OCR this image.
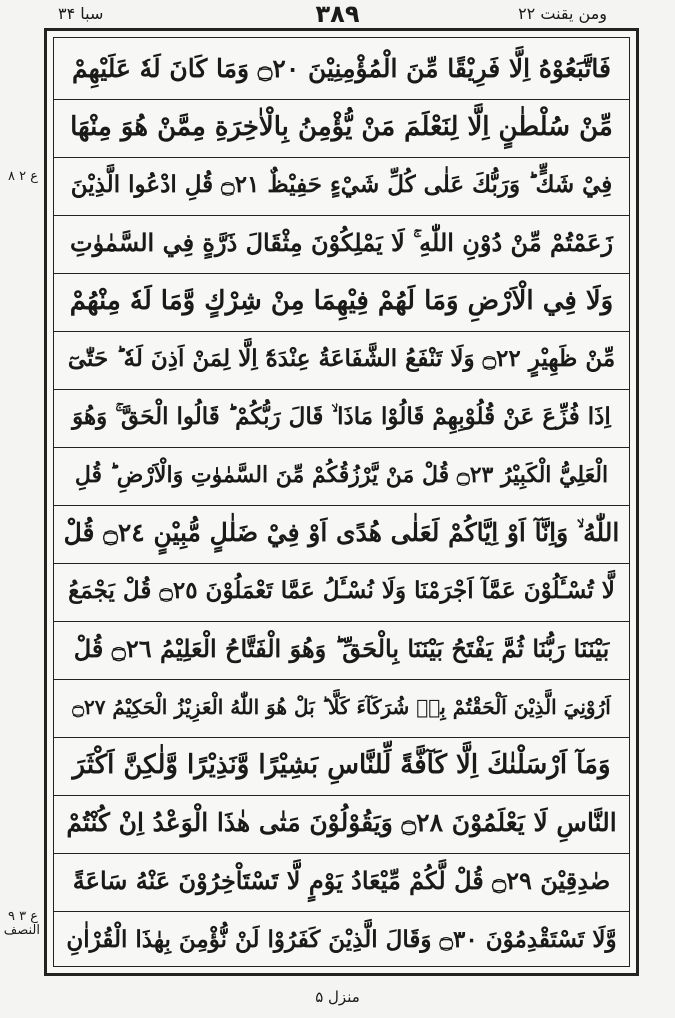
سبا ۳۴	۳۸۹	ومن یقنت ۲۲
ع ۲ ۸
ع ۳ ۹ النصف
فَاتَّبَعُوْهُ اِلَّا فَرِيْقًا مِّنَ الْمُؤْمِنِيْنَ ۝٢٠ وَمَا كَانَ لَهٗ عَلَيْهِمْ
مِّنْ سُلْطٰنٍ اِلَّا لِنَعْلَمَ مَنْ يُّؤْمِنُ بِالْاٰخِرَةِ مِمَّنْ هُوَ مِنْهَا
فِيْ شَكٍّ ؕ وَرَبُّكَ عَلٰى كُلِّ شَيْءٍ حَفِيْظٌ ۝٢١ قُلِ ادْعُوا الَّذِيْنَ
زَعَمْتُمْ مِّنْ دُوْنِ اللّٰهِ ۚ لَا يَمْلِكُوْنَ مِثْقَالَ ذَرَّةٍ فِي السَّمٰوٰتِ
وَلَا فِي الْاَرْضِ وَمَا لَهُمْ فِيْهِمَا مِنْ شِرْكٍ وَّمَا لَهٗ مِنْهُمْ
مِّنْ ظَهِيْرٍ ۝٢٢ وَلَا تَنْفَعُ الشَّفَاعَةُ عِنْدَهٗٓ اِلَّا لِمَنْ اَذِنَ لَهٗ ؕ حَتّٰىٓ
اِذَا فُزِّعَ عَنْ قُلُوْبِهِمْ قَالُوْا مَاذَا ۙ قَالَ رَبُّكُمْ ؕ قَالُوا الْحَقَّ ۚ وَهُوَ
الْعَلِيُّ الْكَبِيْرُ ۝٢٣ قُلْ مَنْ يَّرْزُقُكُمْ مِّنَ السَّمٰوٰتِ وَالْاَرْضِ ؕ قُلِ
اللّٰهُ ۙ وَاِنَّآ اَوْ اِيَّاكُمْ لَعَلٰى هُدًى اَوْ فِيْ ضَلٰلٍ مُّبِيْنٍ ۝٢٤ قُلْ
لَّا تُسْـَٔلُوْنَ عَمَّآ اَجْرَمْنَا وَلَا نُسْـَٔلُ عَمَّا تَعْمَلُوْنَ ۝٢٥ قُلْ يَجْمَعُ
بَيْنَنَا رَبُّنَا ثُمَّ يَفْتَحُ بَيْنَنَا بِالْحَقِّ ؕ وَهُوَ الْفَتَّاحُ الْعَلِيْمُ ۝٢٦ قُلْ
اَرُوْنِيَ الَّذِيْنَ اَلْحَقْتُمْ بِهٖ شُرَكَآءَ كَلَّا ؕ بَلْ هُوَ اللّٰهُ الْعَزِيْزُ الْحَكِيْمُ ۝٢٧
وَمَآ اَرْسَلْنٰكَ اِلَّا كَآفَّةً لِّلنَّاسِ بَشِيْرًا وَّنَذِيْرًا وَّلٰكِنَّ اَكْثَرَ
النَّاسِ لَا يَعْلَمُوْنَ ۝٢٨ وَيَقُوْلُوْنَ مَتٰى هٰذَا الْوَعْدُ اِنْ كُنْتُمْ
صٰدِقِيْنَ ۝٢٩ قُلْ لَّكُمْ مِّيْعَادُ يَوْمٍ لَّا تَسْتَاْخِرُوْنَ عَنْهُ سَاعَةً
وَّلَا تَسْتَقْدِمُوْنَ ۝٣٠ وَقَالَ الَّذِيْنَ كَفَرُوْا لَنْ نُّؤْمِنَ بِهٰذَا الْقُرْاٰنِ
منزل ۵
